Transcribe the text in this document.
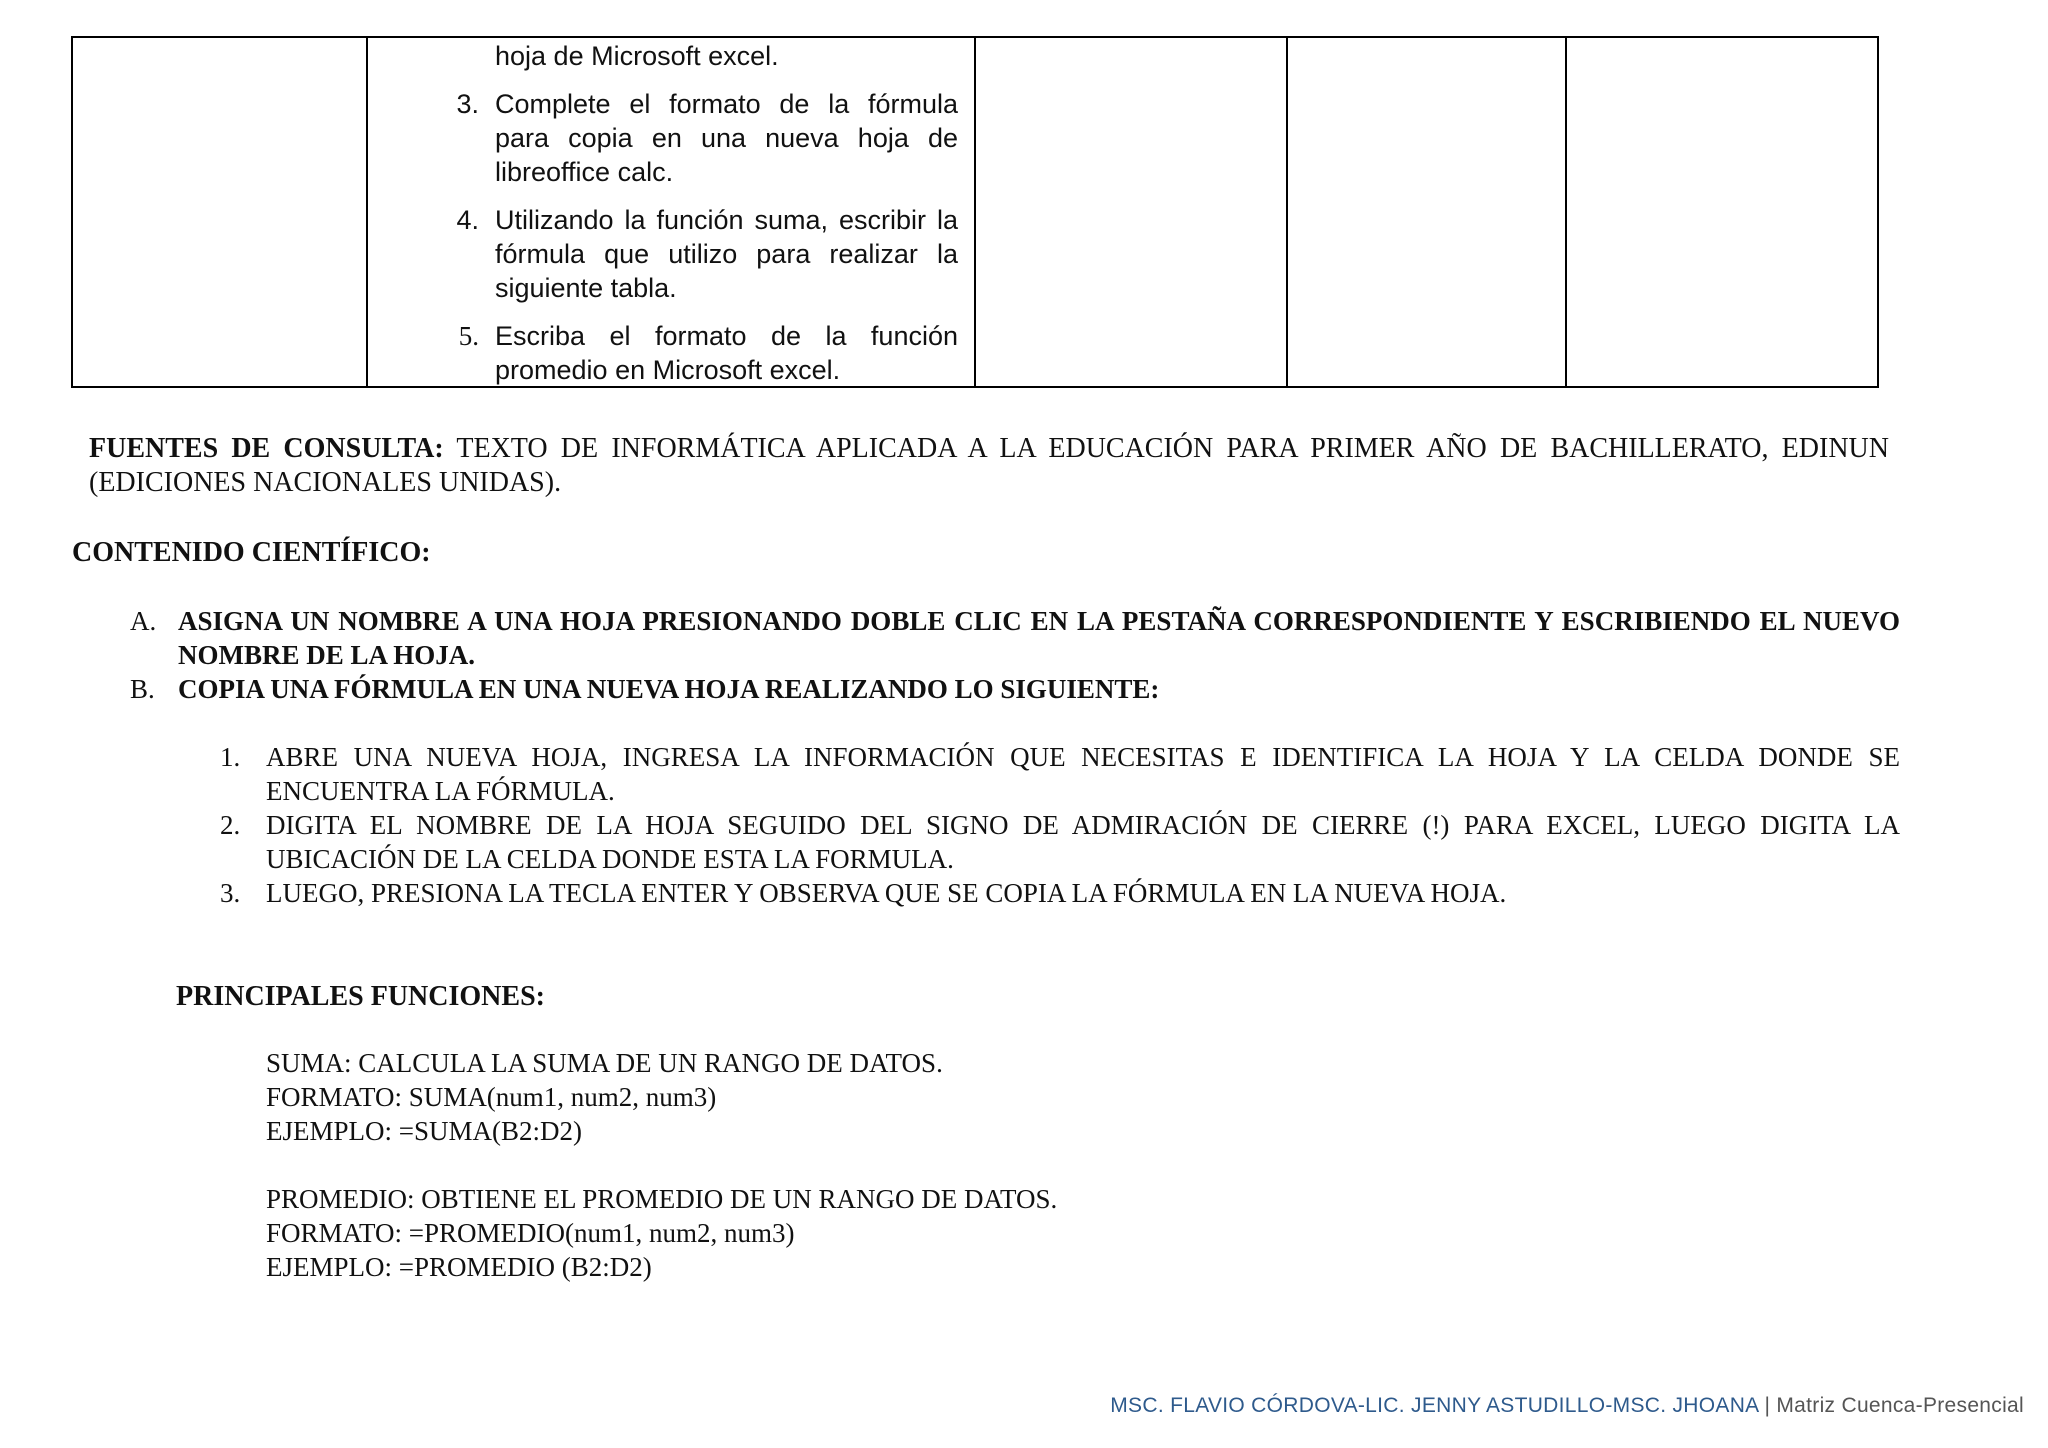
hoja de Microsoft excel.
3. Complete el formato de la fórmula para copia en una nueva hoja de libreoffice calc.
4. Utilizando la función suma, escribir la fórmula que utilizo para realizar la siguiente tabla.
5. Escriba el formato de la función promedio en Microsoft excel.
FUENTES DE CONSULTA: TEXTO DE INFORMÁTICA APLICADA A LA EDUCACIÓN PARA PRIMER AÑO DE BACHILLERATO, EDINUN (EDICIONES NACIONALES UNIDAS).
CONTENIDO CIENTÍFICO:
A. ASIGNA UN NOMBRE A UNA HOJA PRESIONANDO DOBLE CLIC EN LA PESTAÑA CORRESPONDIENTE Y ESCRIBIENDO EL NUEVO NOMBRE DE LA HOJA.
B. COPIA UNA FÓRMULA EN UNA NUEVA HOJA REALIZANDO LO SIGUIENTE:
1. ABRE UNA NUEVA HOJA, INGRESA LA INFORMACIÓN QUE NECESITAS E IDENTIFICA LA HOJA Y LA CELDA DONDE SE ENCUENTRA LA FÓRMULA.
2. DIGITA EL NOMBRE DE LA HOJA SEGUIDO DEL SIGNO DE ADMIRACIÓN DE CIERRE (!) PARA EXCEL, LUEGO DIGITA LA UBICACIÓN DE LA CELDA DONDE ESTA LA FORMULA.
3. LUEGO, PRESIONA LA TECLA ENTER Y OBSERVA QUE SE COPIA LA FÓRMULA EN LA NUEVA HOJA.
PRINCIPALES FUNCIONES:
SUMA: CALCULA LA SUMA DE UN RANGO DE DATOS.
FORMATO: SUMA(num1, num2, num3)
EJEMPLO: =SUMA(B2:D2)
PROMEDIO: OBTIENE EL PROMEDIO DE UN RANGO DE DATOS.
FORMATO: =PROMEDIO(num1, num2, num3)
EJEMPLO: =PROMEDIO (B2:D2)
MSC. FLAVIO CÓRDOVA-LIC. JENNY ASTUDILLO-MSC. JHOANA | Matriz Cuenca-Presencial
